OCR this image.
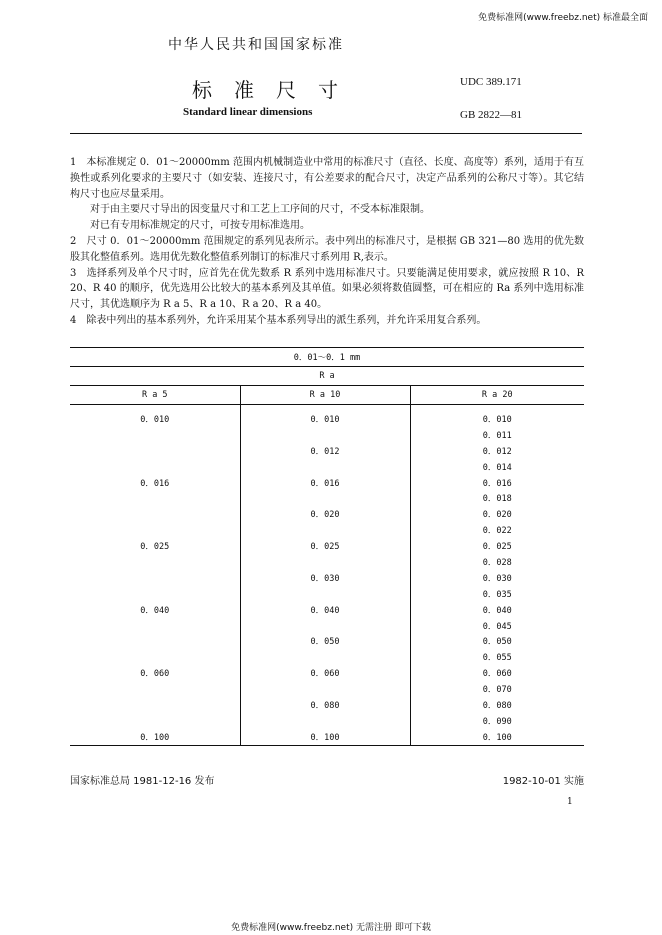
免费标准网(www.freebz.net) 标准最全面
中华人民共和国国家标准
标准尺寸
Standard linear dimensions
UDC 389.171
GB 2822—81

1　本标准规定 0．01～20000mm 范围内机械制造业中常用的标准尺寸（直径、长度、高度等）系列，适用于有互换性或系列化要求的主要尺寸（如安装、连接尺寸，有公差要求的配合尺寸，决定产品系列的公称尺寸等）。其它结构尺寸也应尽量采用。

对于由主要尺寸导出的因变量尺寸和工艺上工序间的尺寸，不受本标准限制。

对已有专用标准规定的尺寸，可按专用标准选用。

2　尺寸 0．01～20000mm 范围规定的系列见表所示。表中列出的标准尺寸，是根据 GB 321—80 选用的优先数股其化整值系列。选用优先数化整值系列制订的标准尺寸系列用 R,表示。

3　选择系列及单个尺寸时，应首先在优先数系 R 系列中选用标准尺寸。只要能满足使用要求，就应按照 R 10、R 20、R 40 的顺序，优先选用公比较大的基本系列及其单值。如果必须将数值圆整，可在相应的 Ra 系列中选用标准尺寸，其优选顺序为 R a 5、R a 10、R a 20、R a 40。

4　除表中列出的基本系列外，允许采用某个基本系列导出的派生系列，并允许采用复合系列。

0．01～0．1 mm		
R a		
R a 5	R a 10	R a 20

0．010	0．010	0．010
		0．011
	0．012	0．012
		0．014
0．016	0．016	0．016
		0．018
	0．020	0．020
		0．022
0．025	0．025	0．025
		0．028
	0．030	0．030
		0．035
0．040	0．040	0．040
		0．045
	0．050	0．050
		0．055
0．060	0．060	0．060
		0．070
	0．080	0．080
		0．090
0．100	0．100	0．100
国家标准总局 1981-12-16 发布	1982-10-01 实施
1
免费标准网(www.freebz.net) 无需注册 即可下载
